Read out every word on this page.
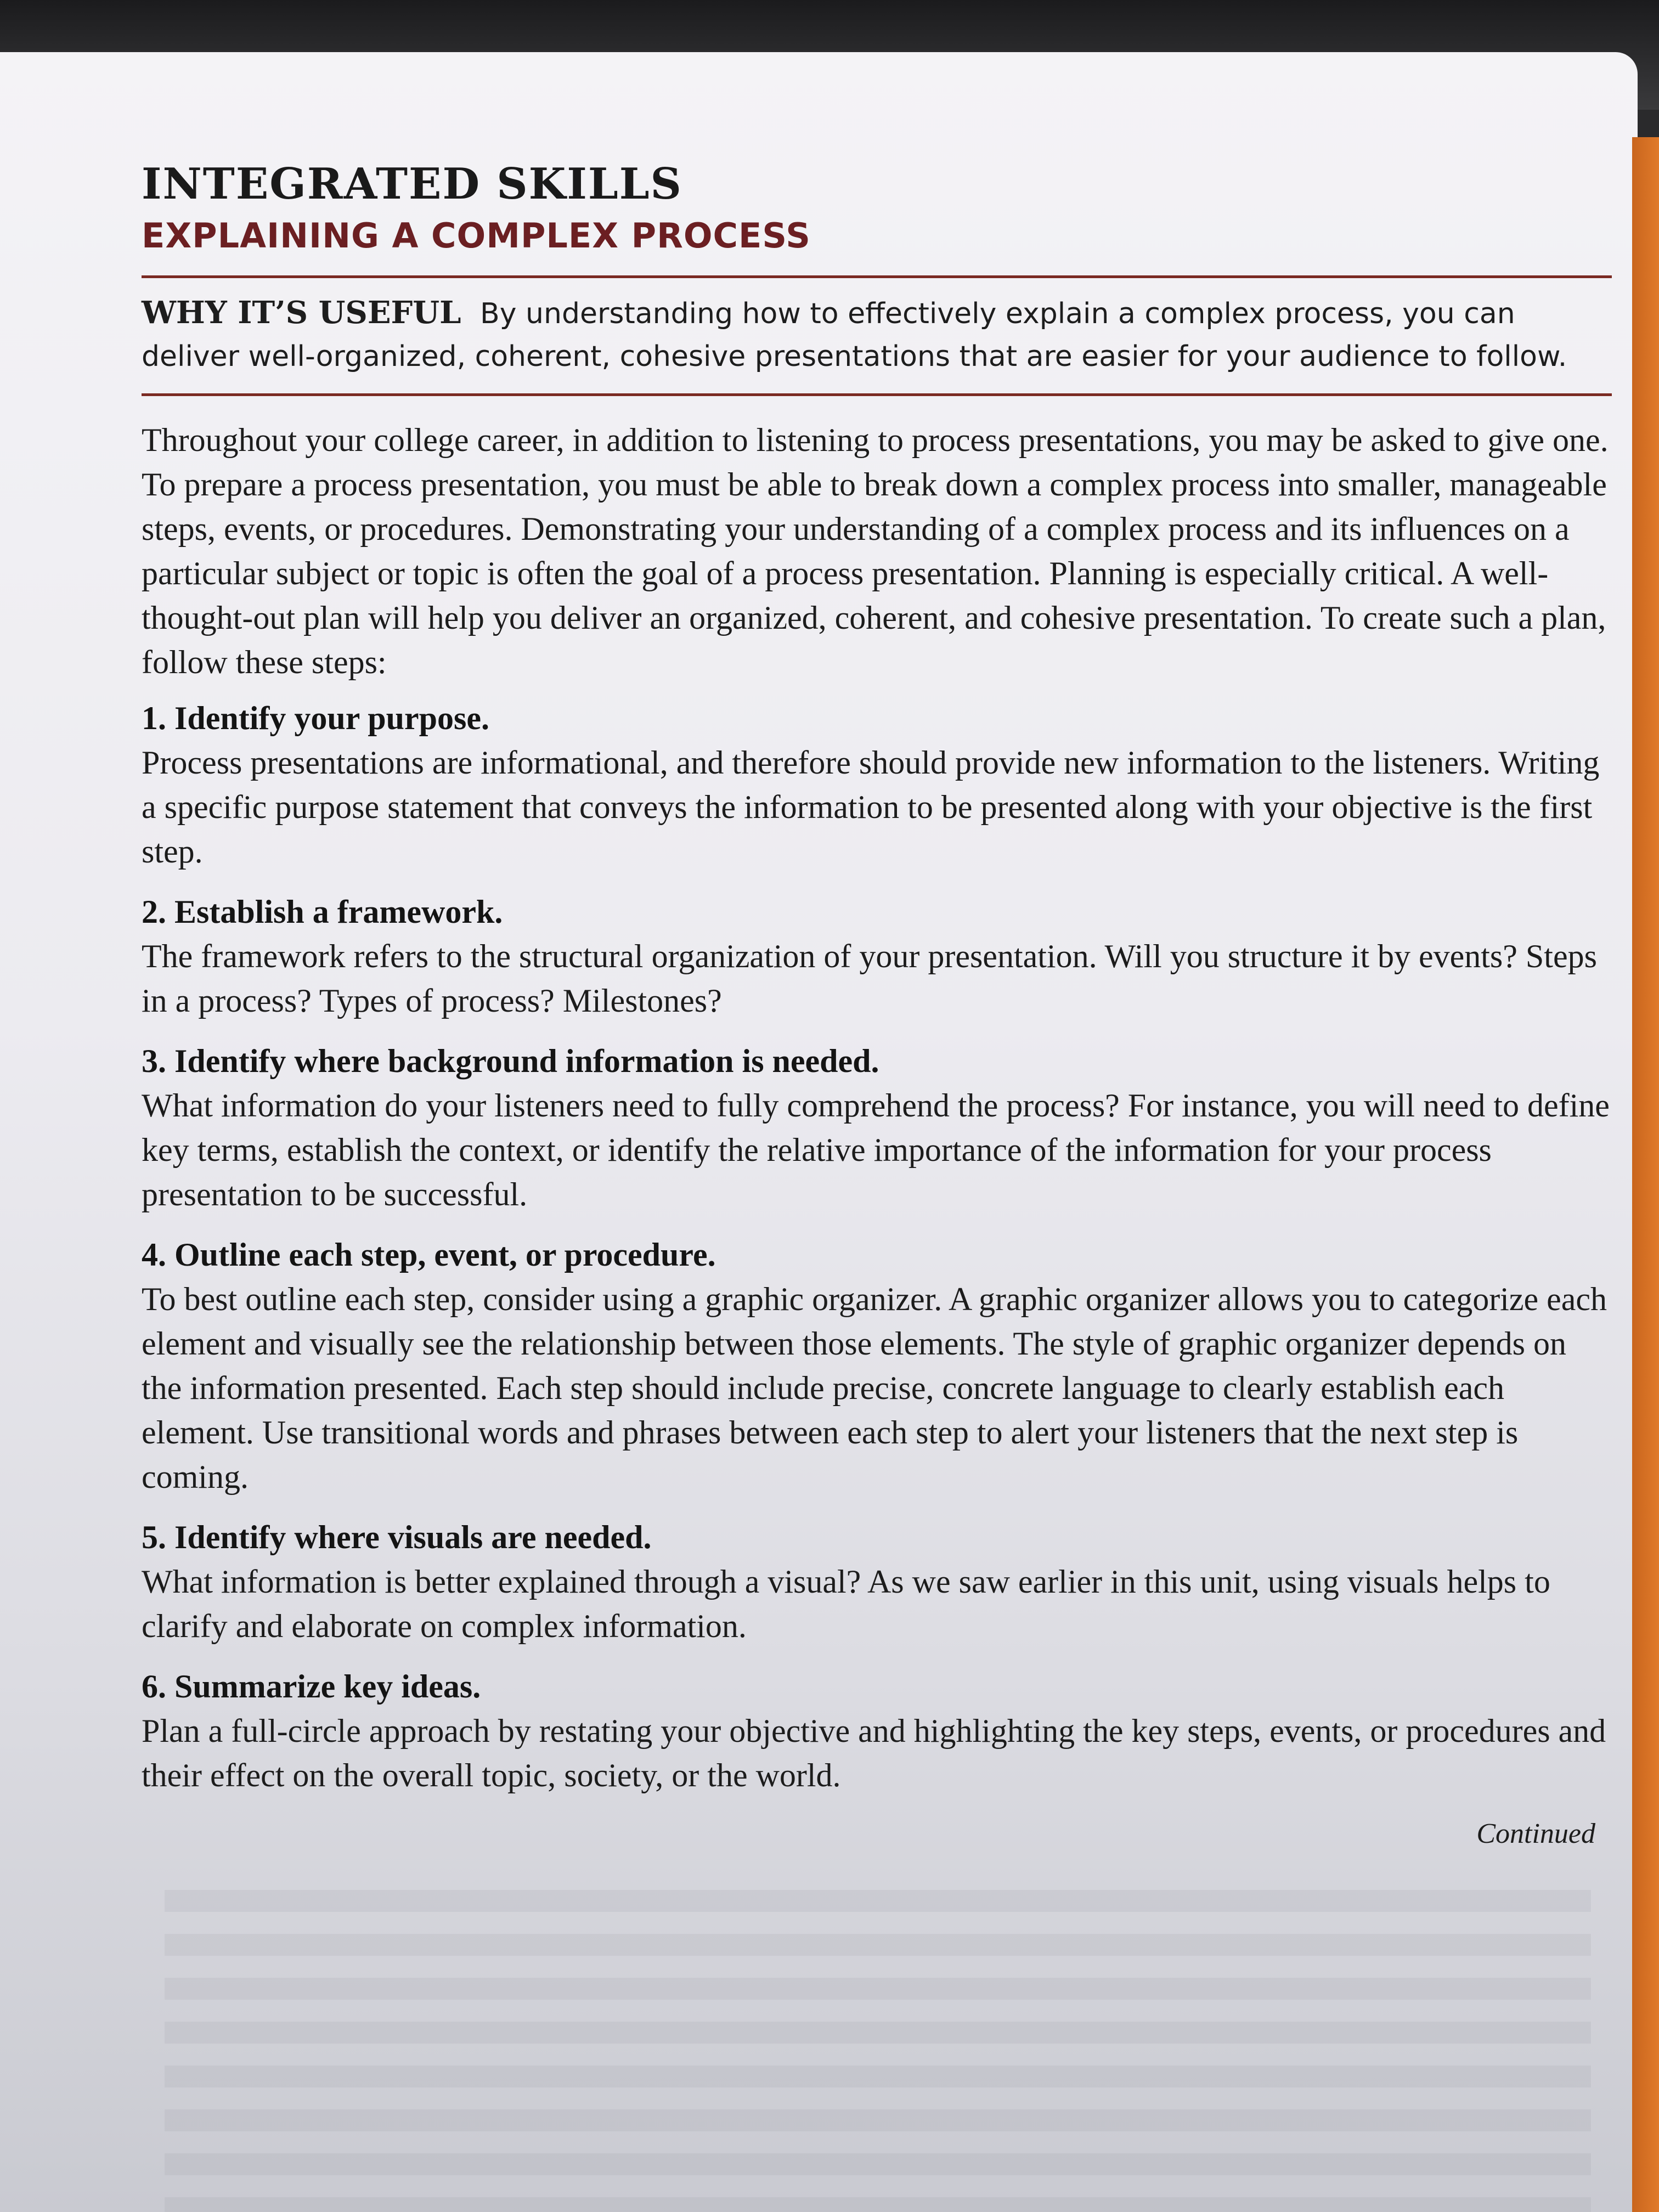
INTEGRATED SKILLS
EXPLAINING A COMPLEX PROCESS
WHY IT’S USEFUL By understanding how to effectively explain a complex process, you can deliver well-organized, coherent, cohesive presentations that are easier for your audience to follow.

Throughout your college career, in addition to listening to process presentations, you may be asked to give one. To prepare a process presentation, you must be able to break down a complex process into smaller, manageable steps, events, or procedures. Demonstrating your understanding of a complex process and its influences on a particular subject or topic is often the goal of a process presentation. Planning is especially critical. A well-thought-out plan will help you deliver an organized, coherent, and cohesive presentation. To create such a plan, follow these steps:

1. Identify your purpose.
Process presentations are informational, and therefore should provide new information to the listeners. Writing a specific purpose statement that conveys the information to be presented along with your objective is the first step.
2. Establish a framework.
The framework refers to the structural organization of your presentation. Will you structure it by events? Steps in a process? Types of process? Milestones?
3. Identify where background information is needed.
What information do your listeners need to fully comprehend the process? For instance, you will need to define key terms, establish the context, or identify the relative importance of the information for your process presentation to be successful.
4. Outline each step, event, or procedure.
To best outline each step, consider using a graphic organizer. A graphic organizer allows you to categorize each element and visually see the relationship between those elements. The style of graphic organizer depends on the information presented. Each step should include precise, concrete language to clearly establish each element. Use transitional words and phrases between each step to alert your listeners that the next step is coming.
5. Identify where visuals are needed.
What information is better explained through a visual? As we saw earlier in this unit, using visuals helps to clarify and elaborate on complex information.
6. Summarize key ideas.
Plan a full-circle approach by restating your objective and highlighting the key steps, events, or procedures and their effect on the overall topic, society, or the world.
Continued
